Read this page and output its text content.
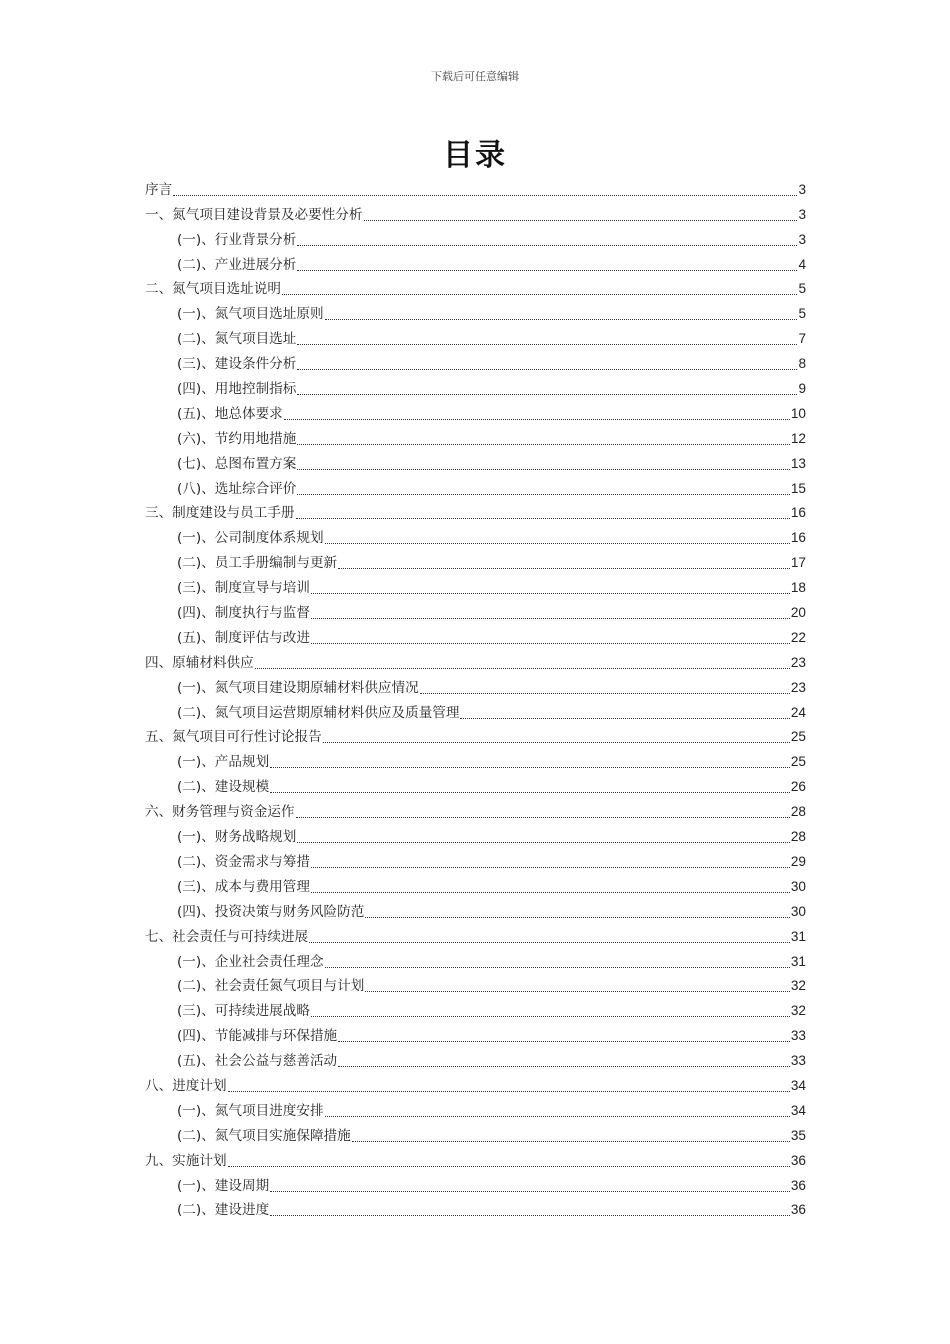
下载后可任意编辑
目录
序言	3
一、氮气项目建设背景及必要性分析	3
(一)、行业背景分析	3
(二)、产业进展分析	4
二、氮气项目选址说明	5
(一)、氮气项目选址原则	5
(二)、氮气项目选址	7
(三)、建设条件分析	8
(四)、用地控制指标	9
(五)、地总体要求	10
(六)、节约用地措施	12
(七)、总图布置方案	13
(八)、选址综合评价	15
三、制度建设与员工手册	16
(一)、公司制度体系规划	16
(二)、员工手册编制与更新	17
(三)、制度宣导与培训	18
(四)、制度执行与监督	20
(五)、制度评估与改进	22
四、原辅材料供应	23
(一)、氮气项目建设期原辅材料供应情况	23
(二)、氮气项目运营期原辅材料供应及质量管理	24
五、氮气项目可行性讨论报告	25
(一)、产品规划	25
(二)、建设规模	26
六、财务管理与资金运作	28
(一)、财务战略规划	28
(二)、资金需求与筹措	29
(三)、成本与费用管理	30
(四)、投资决策与财务风险防范	30
七、社会责任与可持续进展	31
(一)、企业社会责任理念	31
(二)、社会责任氮气项目与计划	32
(三)、可持续进展战略	32
(四)、节能减排与环保措施	33
(五)、社会公益与慈善活动	33
八、进度计划	34
(一)、氮气项目进度安排	34
(二)、氮气项目实施保障措施	35
九、实施计划	36
(一)、建设周期	36
(二)、建设进度	36
